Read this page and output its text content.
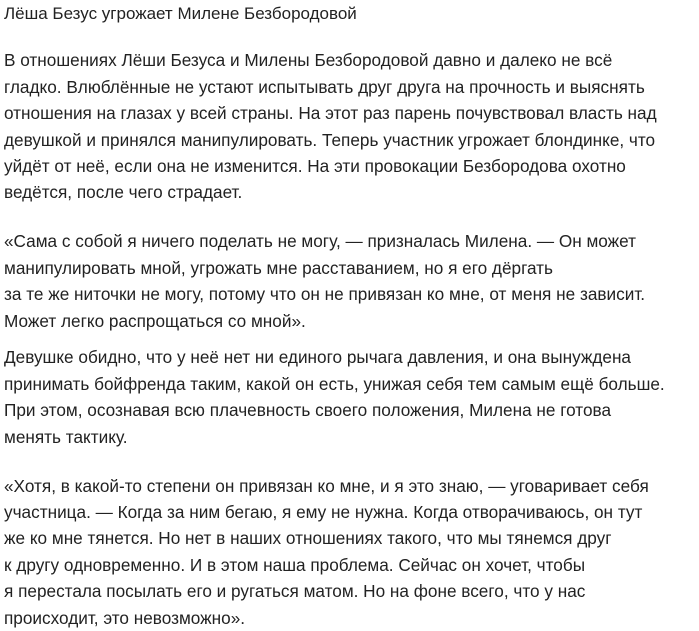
Лёша Безус угрожает Милене Безбородовой

В отношениях Лёши Безуса и Милены Безбородовой давно и далеко не всё
гладко. Влюблённые не устают испытывать друг друга на прочность и выяснять
отношения на глазах у всей страны. На этот раз парень почувствовал власть над
девушкой и принялся манипулировать. Теперь участник угрожает блондинке, что
уйдёт от неё, если она не изменится. На эти провокации Безбородова охотно
ведётся, после чего страдает.

«Сама с собой я ничего поделать не могу, — призналась Милена. — Он может
манипулировать мной, угрожать мне расставанием, но я его дёргать
за те же ниточки не могу, потому что он не привязан ко мне, от меня не зависит.
Может легко распрощаться со мной».

Девушке обидно, что у неё нет ни единого рычага давления, и она вынуждена
принимать бойфренда таким, какой он есть, унижая себя тем самым ещё больше.
При этом, осознавая всю плачевность своего положения, Милена не готова
менять тактику.

«Хотя, в какой-то степени он привязан ко мне, и я это знаю, — уговаривает себя
участница. — Когда за ним бегаю, я ему не нужна. Когда отворачиваюсь, он тут
же ко мне тянется. Но нет в наших отношениях такого, что мы тянемся друг
к другу одновременно. И в этом наша проблема. Сейчас он хочет, чтобы
я перестала посылать его и ругаться матом. Но на фоне всего, что у нас
происходит, это невозможно».
